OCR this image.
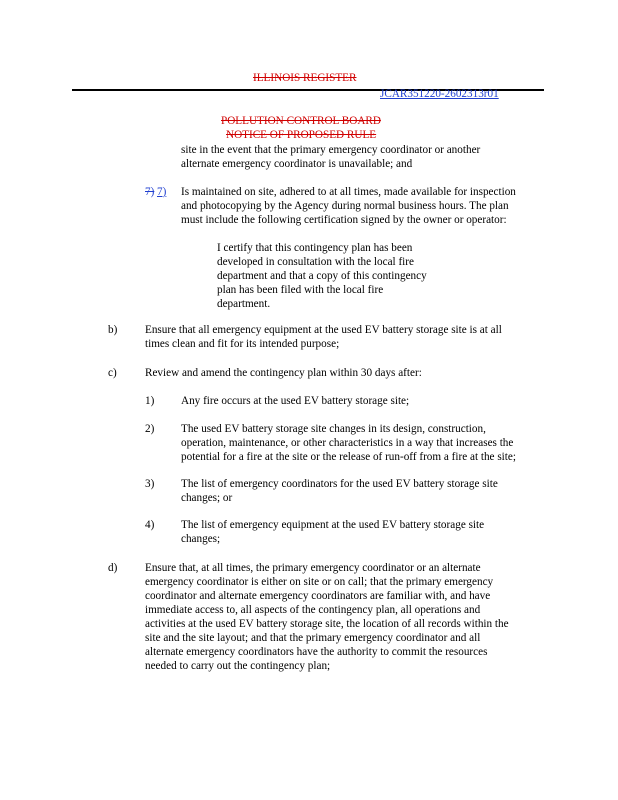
ILLINOIS REGISTER
JCAR351220-2602313r01
POLLUTION CONTROL BOARD
NOTICE OF PROPOSED RULE
site in the event that the primary emergency coordinator or another
alternate emergency coordinator is unavailable; and
7) 7) Is maintained on site, adhered to at all times, made available for inspection
and photocopying by the Agency during normal business hours. The plan
must include the following certification signed by the owner or operator:
I certify that this contingency plan has been
developed in consultation with the local fire
department and that a copy of this contingency
plan has been filed with the local fire
department.
b) Ensure that all emergency equipment at the used EV battery storage site is at all
times clean and fit for its intended purpose;
c)	Review and amend the contingency plan within 30 days after:
1) Any fire occurs at the used EV battery storage site;
2) The used EV battery storage site changes in its design, construction,
operation, maintenance, or other characteristics in a way that increases the
potential for a fire at the site or the release of run-off from a fire at the site;
3) The list of emergency coordinators for the used EV battery storage site
changes; or
4) The list of emergency equipment at the used EV battery storage site
changes;
d) Ensure that, at all times, the primary emergency coordinator or an alternate
emergency coordinator is either on site or on call; that the primary emergency
coordinator and alternate emergency coordinators are familiar with, and have
immediate access to, all aspects of the contingency plan, all operations and
activities at the used EV battery storage site, the location of all records within the
site and the site layout; and that the primary emergency coordinator and all
alternate emergency coordinators have the authority to commit the resources
needed to carry out the contingency plan;
